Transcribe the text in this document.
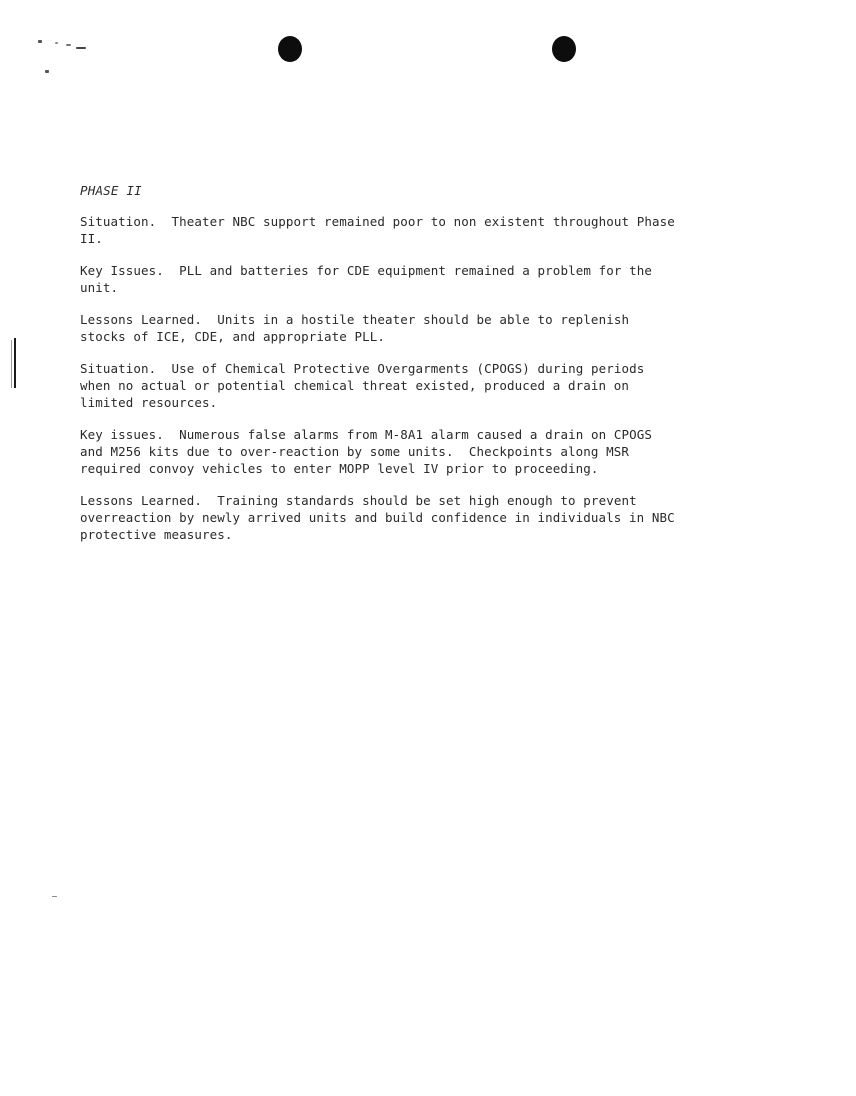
PHASE II
Situation. Theater NBC support remained poor to non existent throughout Phase
II.
Key Issues. PLL and batteries for CDE equipment remained a problem for the
unit.
Lessons Learned. Units in a hostile theater should be able to replenish
stocks of ICE, CDE, and appropriate PLL.
Situation. Use of Chemical Protective Overgarments (CPOGS) during periods
when no actual or potential chemical threat existed, produced a drain on
limited resources.
Key issues. Numerous false alarms from M-8A1 alarm caused a drain on CPOGS
and M256 kits due to over-reaction by some units.  Checkpoints along MSR
required convoy vehicles to enter MOPP level IV prior to proceeding.
Lessons Learned. Training standards should be set high enough to prevent
overreaction by newly arrived units and build confidence in individuals in NBC
protective measures.
